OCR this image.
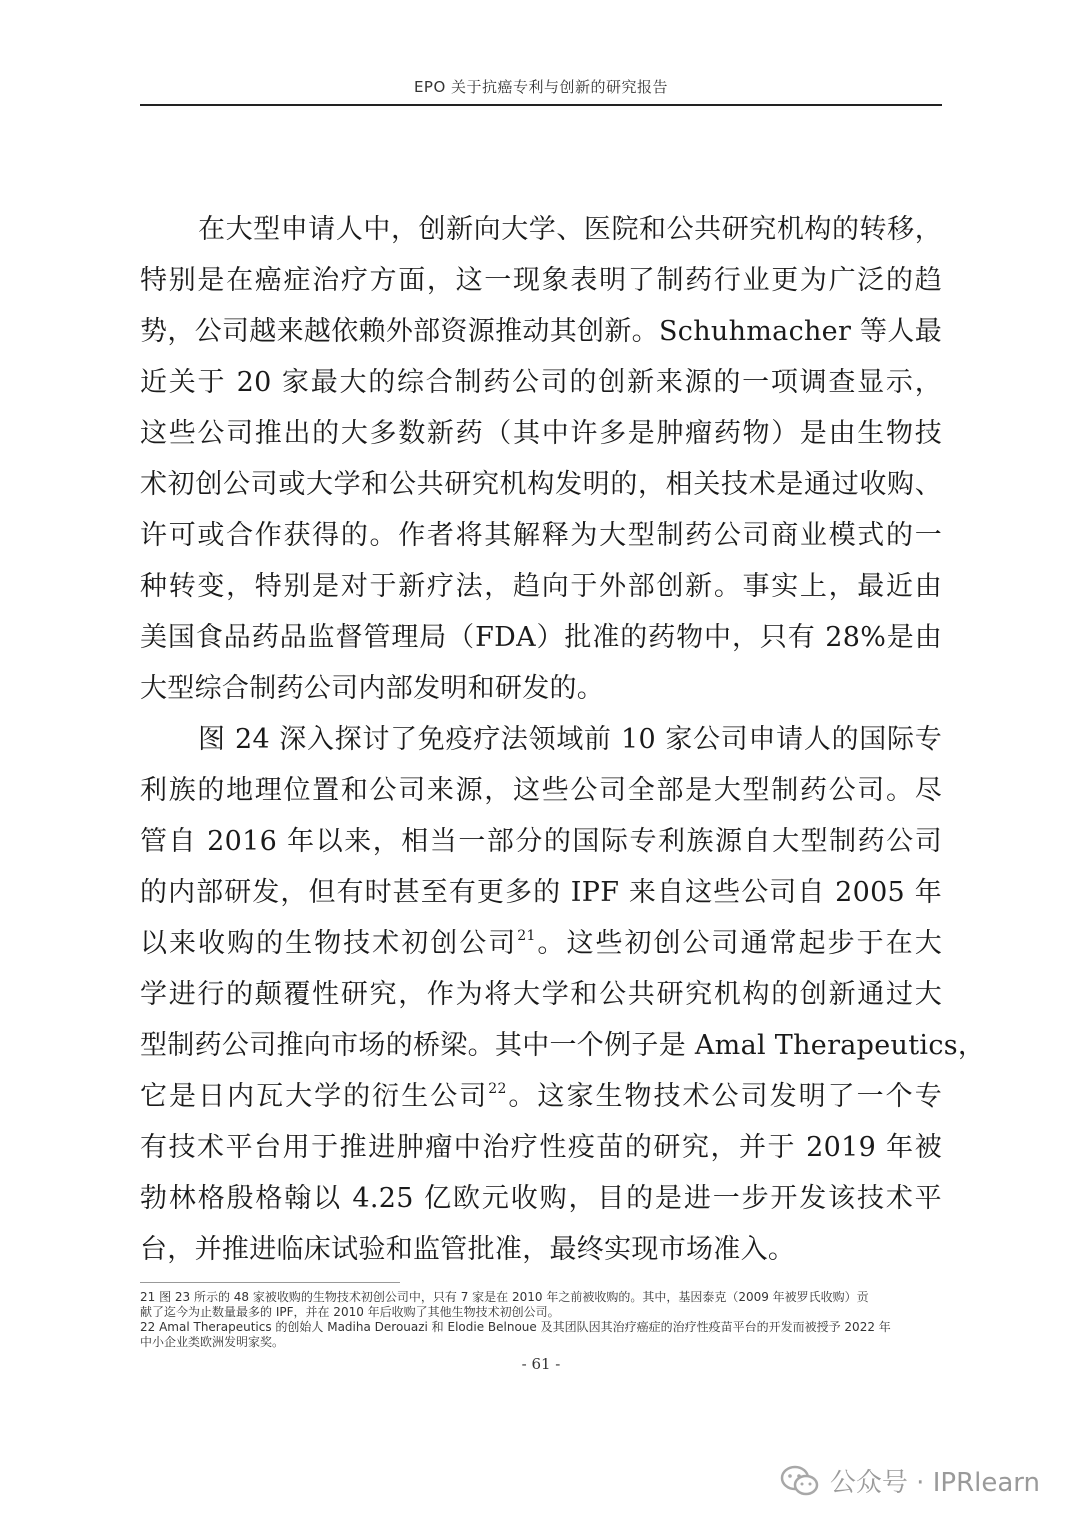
EPO 关于抗癌专利与创新的研究报告
在大型申请人中，创新向大学、医院和公共研究机构的转移，
特别是在癌症治疗方面，这一现象表明了制药行业更为广泛的趋
势，公司越来越依赖外部资源推动其创新。Schuhmacher 等人最
近关于 20 家最大的综合制药公司的创新来源的一项调查显示，
这些公司推出的大多数新药（其中许多是肿瘤药物）是由生物技
术初创公司或大学和公共研究机构发明的，相关技术是通过收购、
许可或合作获得的。作者将其解释为大型制药公司商业模式的一
种转变，特别是对于新疗法，趋向于外部创新。事实上，最近由
美国食品药品监督管理局（FDA）批准的药物中，只有 28%是由
大型综合制药公司内部发明和研发的。
图 24 深入探讨了免疫疗法领域前 10 家公司申请人的国际专
利族的地理位置和公司来源，这些公司全部是大型制药公司。尽
管自 2016 年以来，相当一部分的国际专利族源自大型制药公司
的内部研发，但有时甚至有更多的 IPF 来自这些公司自 2005 年
以来收购的生物技术初创公司$^{21}$。这些初创公司通常起步于在大
学进行的颠覆性研究，作为将大学和公共研究机构的创新通过大
型制药公司推向市场的桥梁。其中一个例子是 Amal Therapeutics，
它是日内瓦大学的衍生公司$^{22}$。这家生物技术公司发明了一个专
有技术平台用于推进肿瘤中治疗性疫苗的研究，并于 2019 年被
勃林格殷格翰以 4.25 亿欧元收购，目的是进一步开发该技术平
台，并推进临床试验和监管批准，最终实现市场准入。
21 图 23 所示的 48 家被收购的生物技术初创公司中，只有 7 家是在 2010 年之前被收购的。其中，基因泰克（2009 年被罗氏收购）贡
献了迄今为止数量最多的 IPF，并在 2010 年后收购了其他生物技术初创公司。
22 Amal Therapeutics 的创始人 Madiha Derouazi 和 Elodie Belnoue 及其团队因其治疗癌症的治疗性疫苗平台的开发而被授予 2022 年
中小企业类欧洲发明家奖。
- 61 -
公众号 · IPRlearn
